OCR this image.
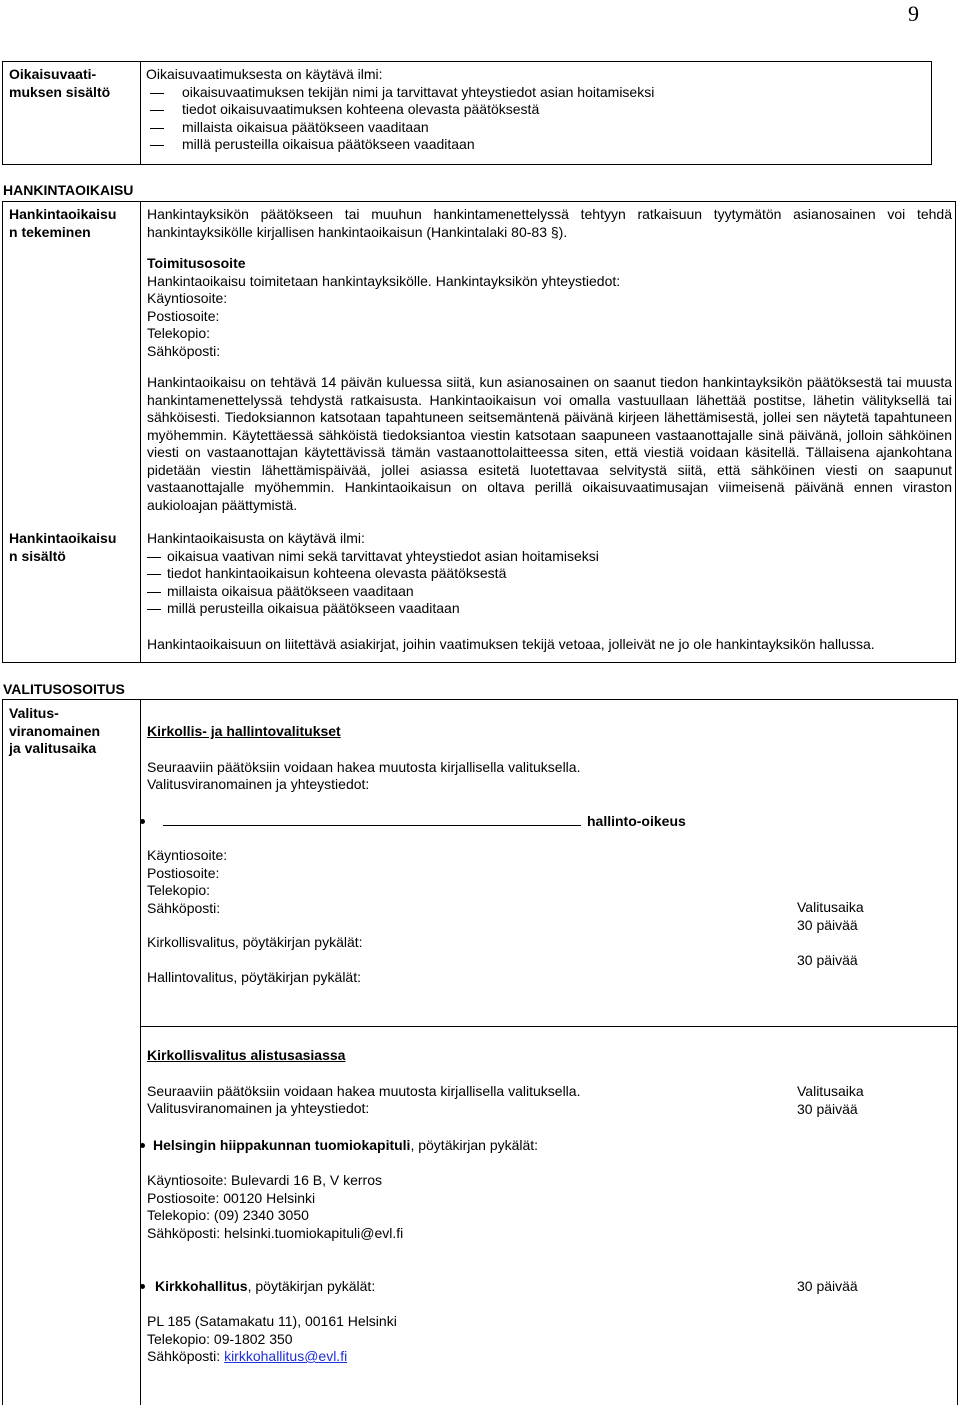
9
Oikaisuvaati-
muksen sisältö
Oikaisuvaatimuksesta on käytävä ilmi:
oikaisuvaatimuksen tekijän nimi ja tarvittavat yhteystiedot asian hoitamiseksi
tiedot oikaisuvaatimuksen kohteena olevasta päätöksestä
millaista oikaisua päätökseen vaaditaan
millä perusteilla oikaisua päätökseen vaaditaan
HANKINTAOIKAISU
Hankintaoikaisu
n tekeminen
Hankintayksikön päätökseen tai muuhun hankintamenettelyssä tehtyyn ratkaisuun tyytymätön asianosainen voi tehdä hankintayksikölle kirjallisen hankintaoikaisun (Hankintalaki 80-83 §).
Toimitusosoite
Hankintaoikaisu toimitetaan hankintayksikölle. Hankintayksikön yhteystiedot:
Käyntiosoite:
Postiosoite:
Telekopio:
Sähköposti:
Hankintaoikaisu on tehtävä 14 päivän kuluessa siitä, kun asianosainen on saanut tiedon hankintayksikön päätöksestä tai muusta hankintamenettelyssä tehdystä ratkaisusta. Hankintaoikaisun voi omalla vastuullaan lähettää postitse, lähetin välityksellä tai sähköisesti. Tiedoksiannon katsotaan tapahtuneen seitsemäntenä päivänä kirjeen lähettämisestä, jollei sen näytetä tapahtuneen myöhemmin. Käytettäessä sähköistä tiedoksiantoa viestin katsotaan saapuneen vastaanottajalle sinä päivänä, jolloin sähköinen viesti on vastaanottajan käytettävissä tämän vastaanottolaitteessa siten, että viestiä voidaan käsitellä. Tällaisena ajankohtana pidetään viestin lähettämispäivää, jollei asiassa esitetä luotettavaa selvitystä siitä, että sähköinen viesti on saapunut vastaanottajalle myöhemmin. Hankintaoikaisun on oltava perillä oikaisuvaatimusajan viimeisenä päivänä ennen viraston aukioloajan päättymistä.
Hankintaoikaisu
n sisältö
Hankintaoikaisusta on käytävä ilmi:
oikaisua vaativan nimi sekä tarvittavat yhteystiedot asian hoitamiseksi
tiedot hankintaoikaisun kohteena olevasta päätöksestä
millaista oikaisua päätökseen vaaditaan
millä perusteilla oikaisua päätökseen vaaditaan
Hankintaoikaisuun on liitettävä asiakirjat, joihin vaatimuksen tekijä vetoaa, jolleivät ne jo ole hankintayksikön hallussa.
VALITUSOSOITUS
Valitus-
viranomainen
ja valitusaika
Kirkollis- ja hallintovalitukset
Seuraaviin päätöksiin voidaan hakea muutosta kirjallisella valituksella.
Valitusviranomainen ja yhteystiedot:
hallinto-oikeus
Käyntiosoite:
Postiosoite:
Telekopio:
Sähköposti:
Kirkollisvalitus, pöytäkirjan pykälät:
Hallintovalitus, pöytäkirjan pykälät:
Valitusaika
30 päivää
30 päivää
Kirkollisvalitus alistusasiassa
Seuraaviin päätöksiin voidaan hakea muutosta kirjallisella valituksella.
Valitusviranomainen ja yhteystiedot:
Valitusaika
30 päivää
Helsingin hiippakunnan tuomiokapituli, pöytäkirjan pykälät:
Käyntiosoite: Bulevardi 16 B, V kerros
Postiosoite: 00120 Helsinki
Telekopio: (09) 2340 3050
Sähköposti: helsinki.tuomiokapituli@evl.fi
Kirkkohallitus, pöytäkirjan pykälät:	30 päivää
PL 185 (Satamakatu 11), 00161 Helsinki
Telekopio: 09-1802 350
Sähköposti: kirkkohallitus@evl.fi
